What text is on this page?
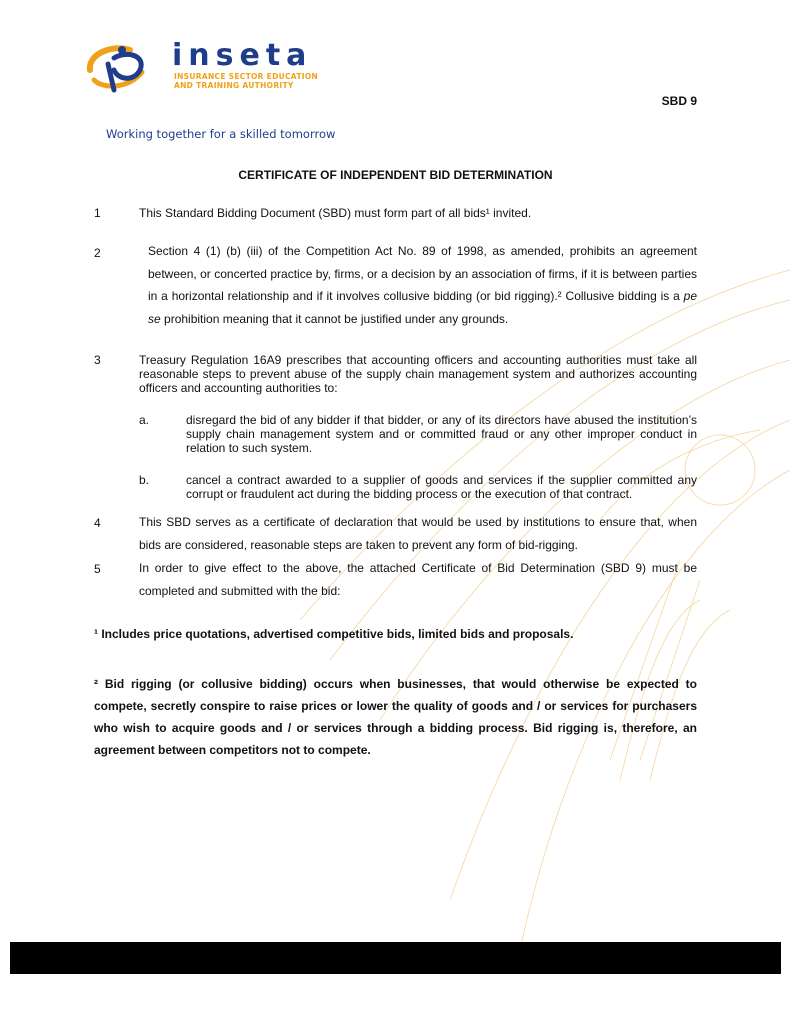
inseta
INSURANCE SECTOR EDUCATION
AND TRAINING AUTHORITY
SBD 9
Working together for a skilled tomorrow
CERTIFICATE OF INDEPENDENT BID DETERMINATION
1	This Standard Bidding Document (SBD) must form part of all bids¹ invited.
2	Section 4 (1) (b) (iii) of the Competition Act No. 89 of 1998, as amended, prohibits an agreement between, or concerted practice by, firms, or a decision by an association of firms, if it is between parties in a horizontal relationship and if it involves collusive bidding (or bid rigging).² Collusive bidding is a pe se prohibition meaning that it cannot be justified under any grounds.
3	Treasury Regulation 16A9 prescribes that accounting officers and accounting authorities must take all reasonable steps to prevent abuse of the supply chain management system and authorizes accounting officers and accounting authorities to:
a.	disregard the bid of any bidder if that bidder, or any of its directors have abused the institution’s supply chain management system and or committed fraud or any other improper conduct in relation to such system.
b.	cancel a contract awarded to a supplier of goods and services if the supplier committed any corrupt or fraudulent act during the bidding process or the execution of that contract.
4	This SBD serves as a certificate of declaration that would be used by institutions to ensure that, when bids are considered, reasonable steps are taken to prevent any form of bid-rigging.
5	In order to give effect to the above, the attached Certificate of Bid Determination (SBD 9) must be completed and submitted with the bid:
¹ Includes price quotations, advertised competitive bids, limited bids and proposals.
² Bid rigging (or collusive bidding) occurs when businesses, that would otherwise be expected to compete, secretly conspire to raise prices or lower the quality of goods and / or services for purchasers who wish to acquire goods and / or services through a bidding process. Bid rigging is, therefore, an agreement between competitors not to compete.
